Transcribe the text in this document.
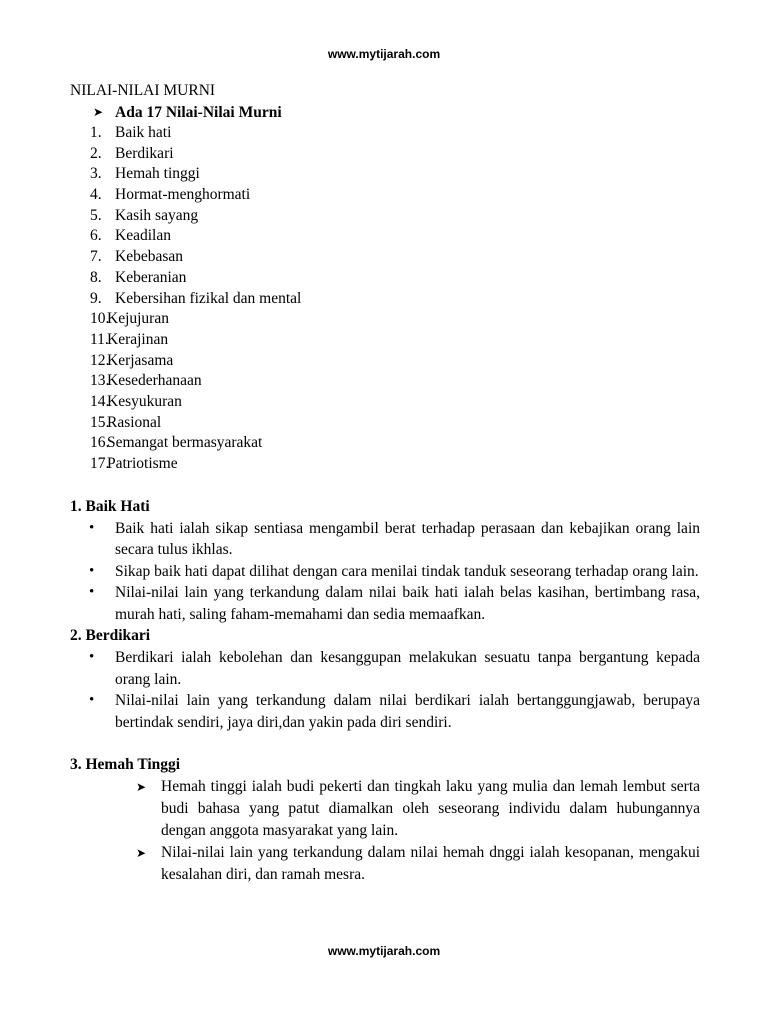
www.mytijarah.com
NILAI-NILAI MURNI
➤ Ada 17 Nilai-Nilai Murni
1. Baik hati
2. Berdikari
3. Hemah tinggi
4. Hormat-menghormati
5. Kasih sayang
6. Keadilan
7. Kebebasan
8. Keberanian
9. Kebersihan fizikal dan mental
10.
Kejujuran
11.
Kerajinan
12.
Kerjasama
13.
Kesederhanaan
14.
Kesyukuran
15.
Rasional
16.
Semangat bermasyarakat
17.
Patriotisme
1. Baik Hati
• Baik hati ialah sikap sentiasa mengambil berat terhadap perasaan dan kebajikan orang lain secara tulus ikhlas.
• Sikap baik hati dapat dilihat dengan cara menilai tindak tanduk seseorang terhadap orang lain.
• Nilai-nilai lain yang terkandung dalam nilai baik hati ialah belas kasihan, bertimbang rasa, murah hati, saling faham-memahami dan sedia memaafkan.
2. Berdikari
• Berdikari ialah kebolehan dan kesanggupan melakukan sesuatu tanpa bergantung kepada orang lain.
• Nilai-nilai lain yang terkandung dalam nilai berdikari ialah bertanggungjawab, berupaya bertindak sendiri, jaya diri,dan yakin pada diri sendiri.
3. Hemah Tinggi
➤ Hemah tinggi ialah budi pekerti dan tingkah laku yang mulia dan lemah lembut serta budi bahasa yang patut diamalkan oleh seseorang individu dalam hubungannya dengan anggota masyarakat yang lain.
➤ Nilai-nilai lain yang terkandung dalam nilai hemah dnggi ialah kesopanan, mengakui kesalahan diri, dan ramah mesra.
www.mytijarah.com
